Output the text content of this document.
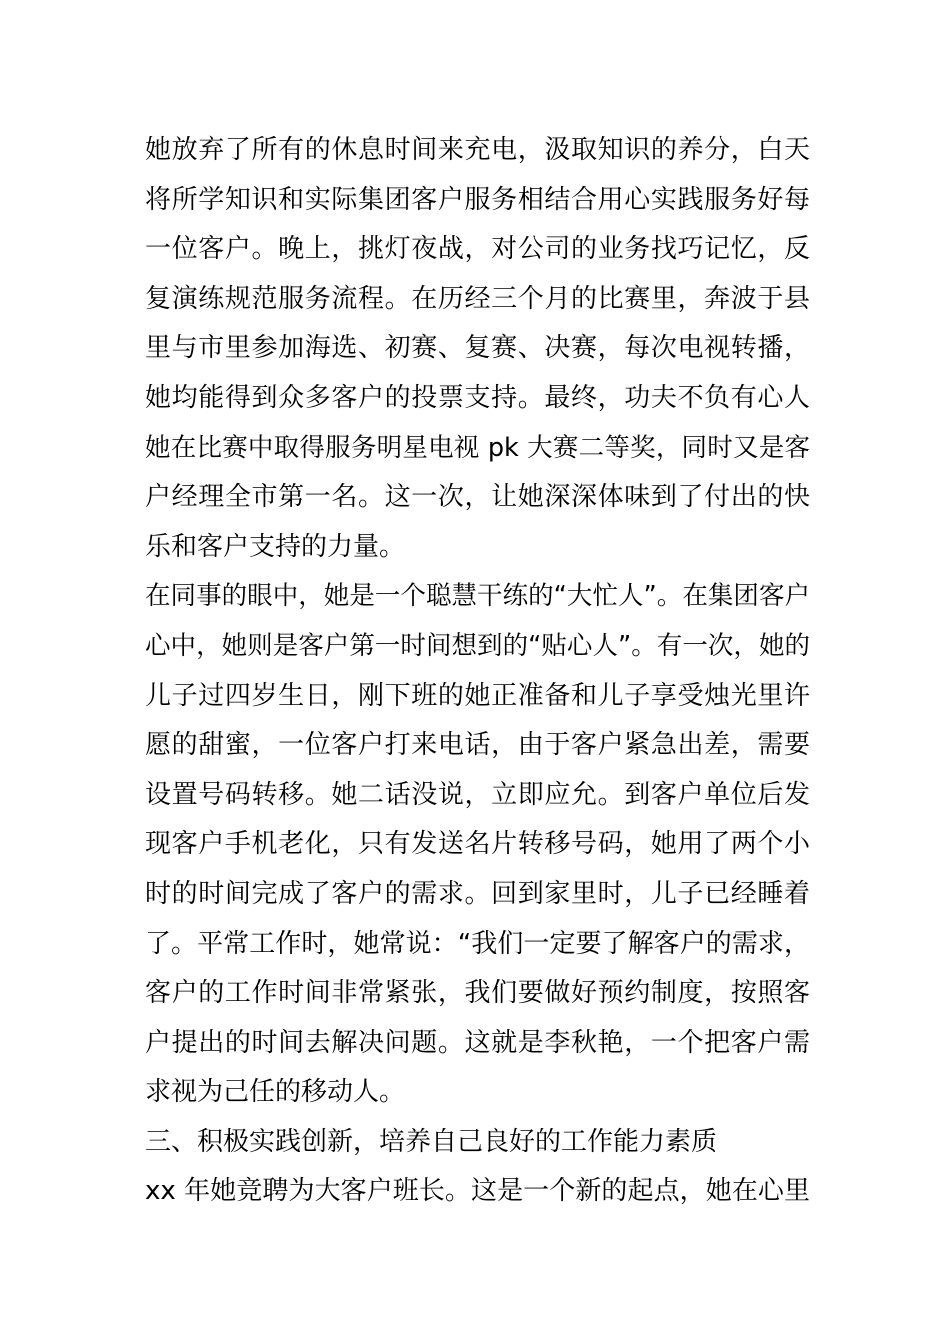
她放弃了所有的休息时间来充电，汲取知识的养分，白天
将所学知识和实际集团客户服务相结合用心实践服务好每
一位客户。晚上，挑灯夜战，对公司的业务找巧记忆，反
复演练规范服务流程。在历经三个月的比赛里，奔波于县
里与市里参加海选、初赛、复赛、决赛，每次电视转播，
她均能得到众多客户的投票支持。最终，功夫不负有心人
她在比赛中取得服务明星电视 pk 大赛二等奖，同时又是客
户经理全市第一名。这一次，让她深深体味到了付出的快
乐和客户支持的力量。
在同事的眼中，她是一个聪慧干练的“大忙人”。在集团客户
心中，她则是客户第一时间想到的“贴心人”。有一次，她的
儿子过四岁生日，刚下班的她正准备和儿子享受烛光里许
愿的甜蜜，一位客户打来电话，由于客户紧急出差，需要
设置号码转移。她二话没说，立即应允。到客户单位后发
现客户手机老化，只有发送名片转移号码，她用了两个小
时的时间完成了客户的需求。回到家里时，儿子已经睡着
了。平常工作时，她常说：“我们一定要了解客户的需求，
客户的工作时间非常紧张，我们要做好预约制度，按照客
户提出的时间去解决问题。这就是李秋艳，一个把客户需
求视为己任的移动人。
三、积极实践创新，培养自己良好的工作能力素质
xx 年她竞聘为大客户班长。这是一个新的起点，她在心里
